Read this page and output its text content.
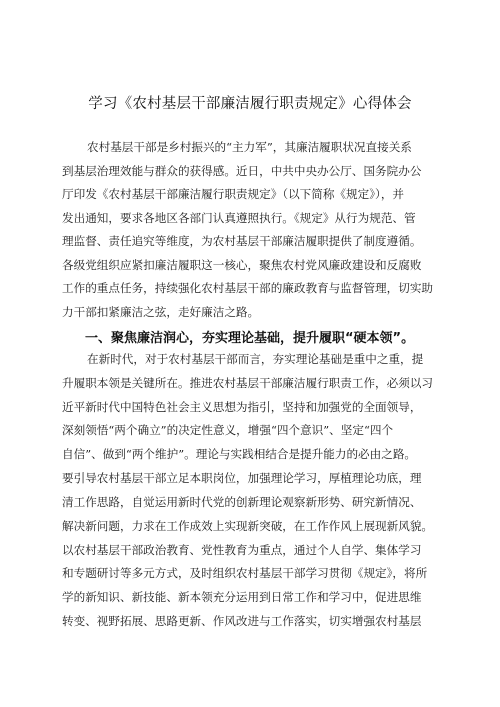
学习《农村基层干部廉洁履行职责规定》心得体会
农村基层干部是乡村振兴的“主力军”，其廉洁履职状况直接关系
到基层治理效能与群众的获得感。近日，中共中央办公厅、国务院办公
厅印发《农村基层干部廉洁履行职责规定》（以下简称《规定》），并
发出通知，要求各地区各部门认真遵照执行。《规定》从行为规范、管
理监督、责任追究等维度，为农村基层干部廉洁履职提供了制度遵循。
各级党组织应紧扣廉洁履职这一核心，聚焦农村党风廉政建设和反腐败
工作的重点任务，持续强化农村基层干部的廉政教育与监督管理，切实助
力干部扣紧廉洁之弦，走好廉洁之路。
一、聚焦廉洁润心，夯实理论基础，提升履职“硬本领”。
在新时代，对于农村基层干部而言，夯实理论基础是重中之重，提
升履职本领是关键所在。推进农村基层干部廉洁履行职责工作，必须以习
近平新时代中国特色社会主义思想为指引，坚持和加强党的全面领导，
深刻领悟“两个确立”的决定性意义，增强“四个意识”、坚定“四个
自信”、做到“两个维护”。理论与实践相结合是提升能力的必由之路。
要引导农村基层干部立足本职岗位，加强理论学习，厚植理论功底，理
清工作思路，自觉运用新时代党的创新理论观察新形势、研究新情况、
解决新问题，力求在工作成效上实现新突破，在工作作风上展现新风貌。
以农村基层干部政治教育、党性教育为重点，通过个人自学、集体学习
和专题研讨等多元方式，及时组织农村基层干部学习贯彻《规定》，将所
学的新知识、新技能、新本领充分运用到日常工作和学习中，促进思维
转变、视野拓展、思路更新、作风改进与工作落实，切实增强农村基层
